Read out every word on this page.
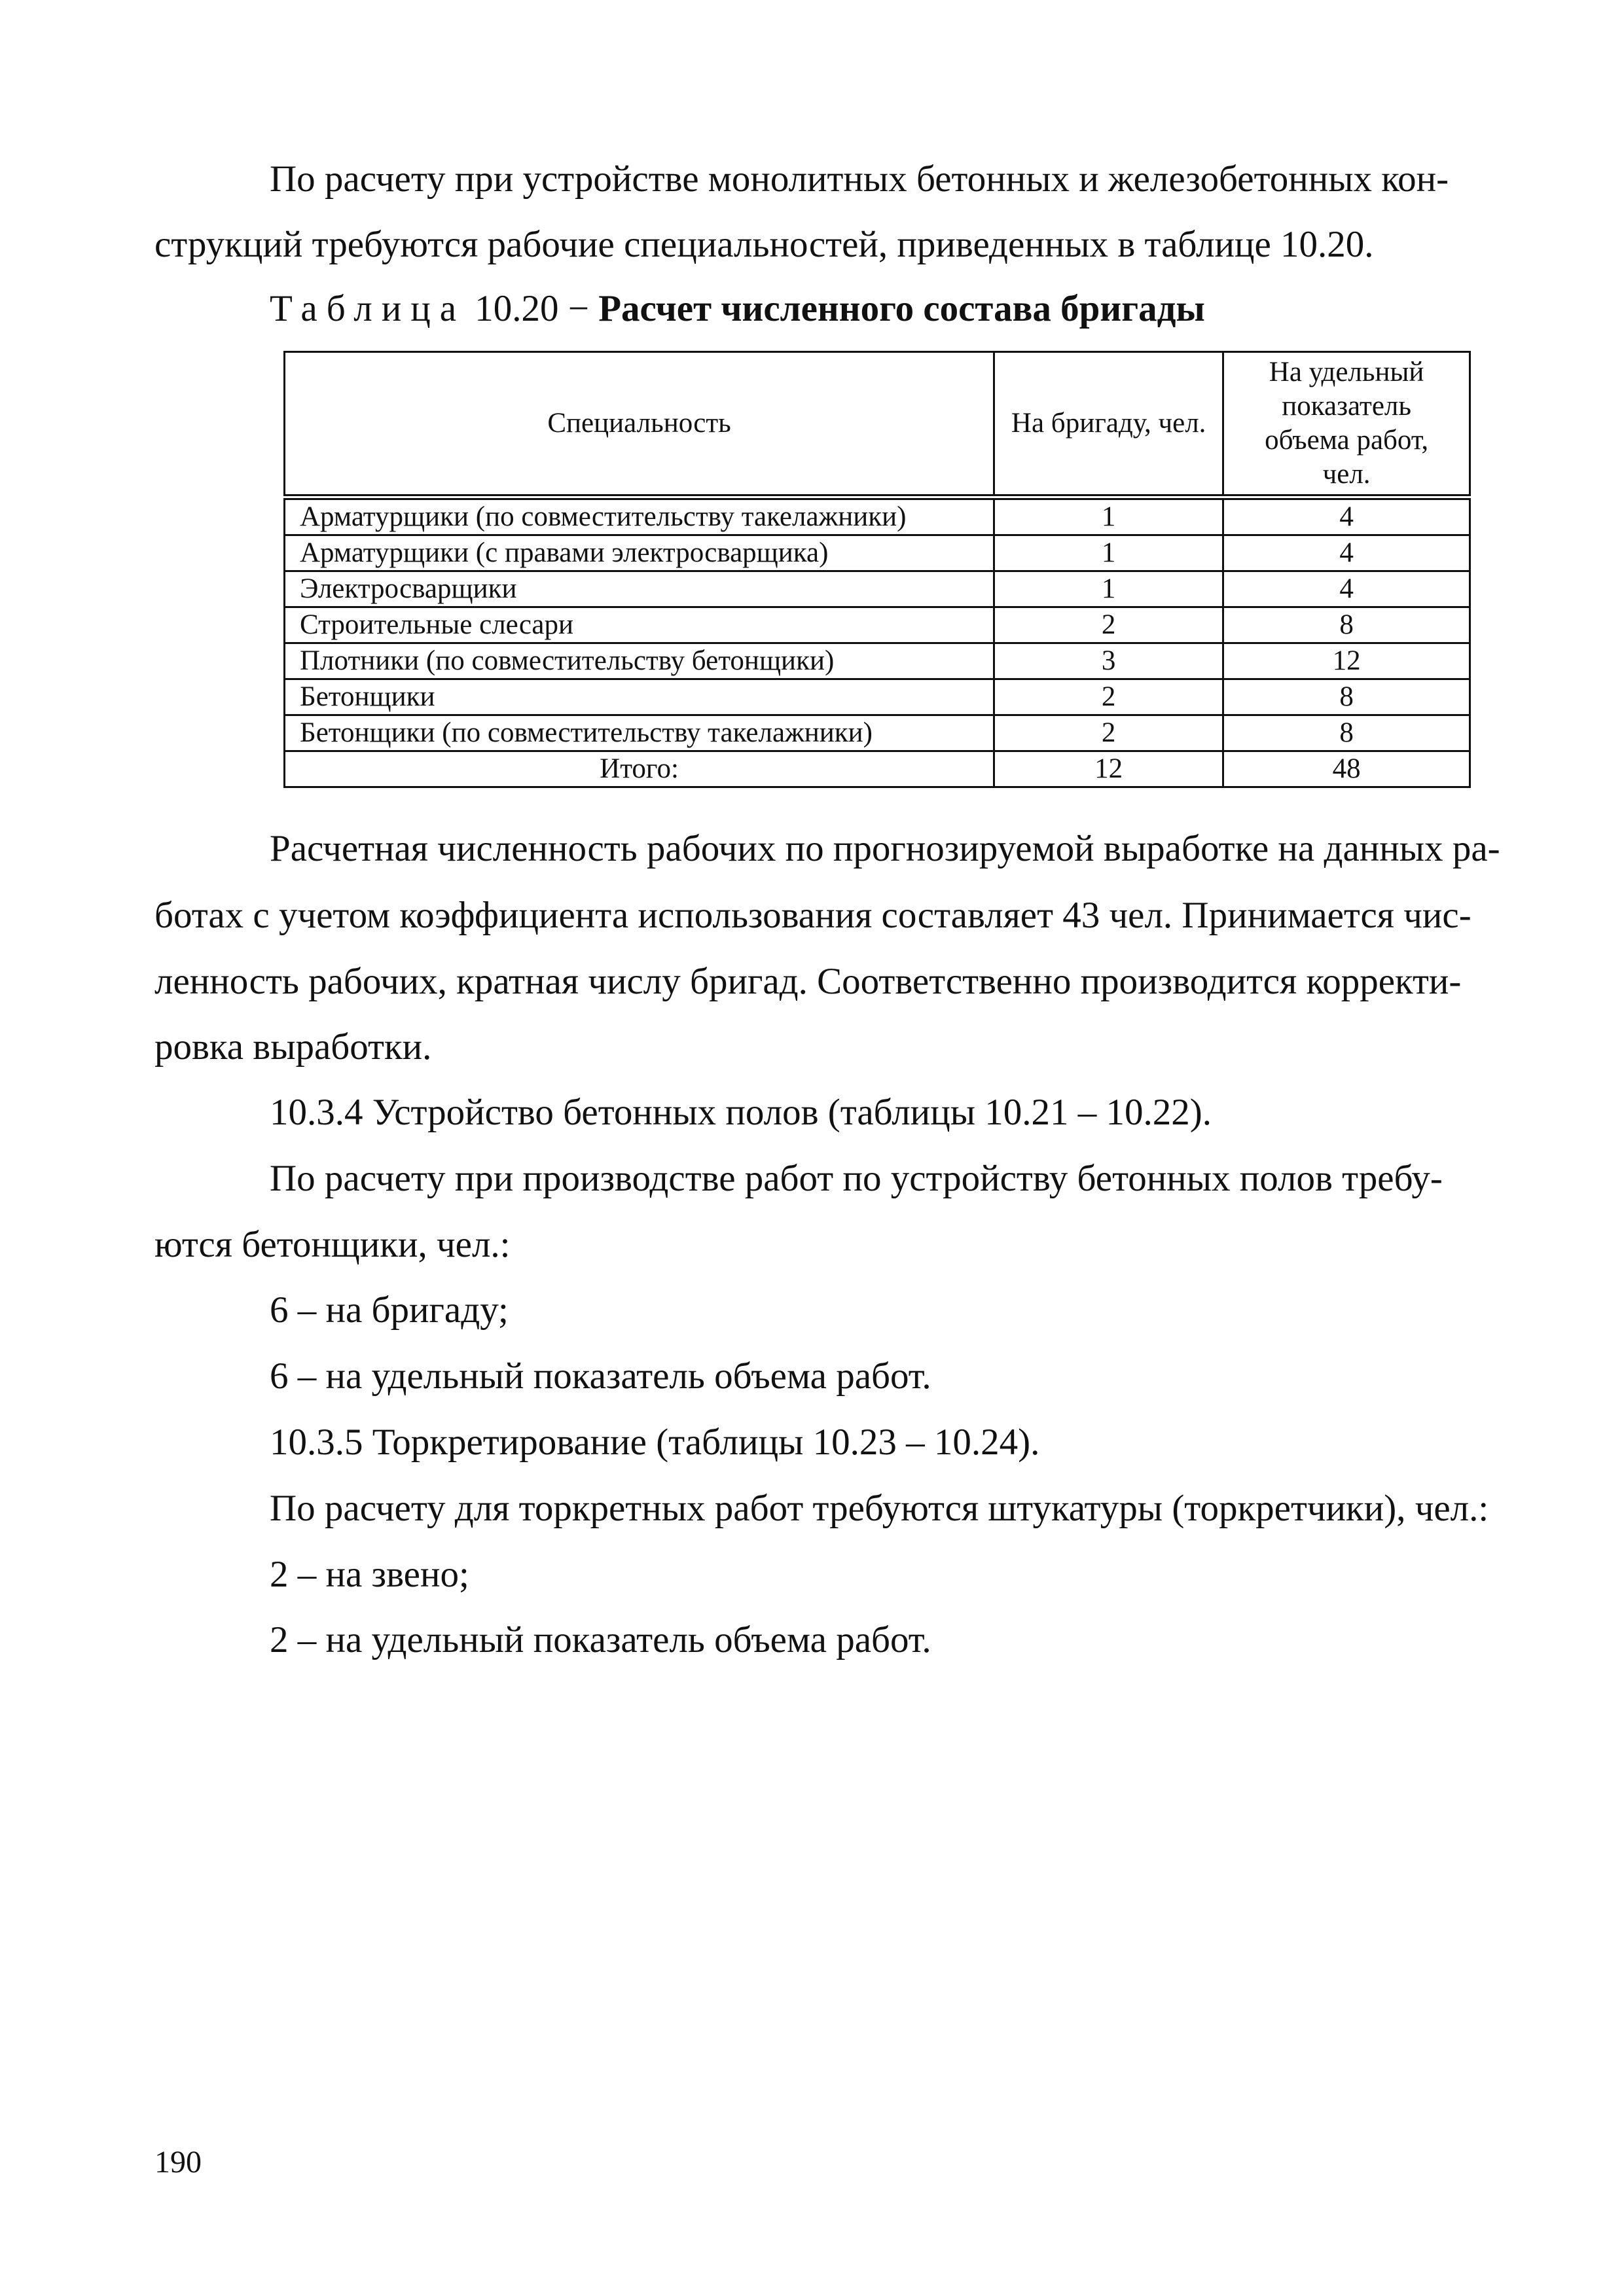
По расчету при устройстве монолитных бетонных и железобетонных кон-
струкций требуются рабочие специальностей, приведенных в таблице 10.20.
Таблица 10.20 − Расчет численного состава бригады
Специальность	На бригаду, чел.	На удельный показатель объема работ, чел.
Арматурщики (по совместительству такелажники)	1	4
Арматурщики (с правами электросварщика)	1	4
Электросварщики	1	4
Строительные слесари	2	8
Плотники (по совместительству бетонщики)	3	12
Бетонщики	2	8
Бетонщики (по совместительству такелажники)	2	8
Итого:	12	48
Расчетная численность рабочих по прогнозируемой выработке на данных ра-
ботах с учетом коэффициента использования составляет 43 чел. Принимается чис-
ленность рабочих, кратная числу бригад. Соответственно производится корректи-
ровка выработки.
10.3.4 Устройство бетонных полов (таблицы 10.21 – 10.22).
По расчету при производстве работ по устройству бетонных полов требу-
ются бетонщики, чел.:
6 – на бригаду;
6 – на удельный показатель объема работ.
10.3.5 Торкретирование (таблицы 10.23 – 10.24).
По расчету для торкретных работ требуются штукатуры (торкретчики), чел.:
2 – на звено;
2 – на удельный показатель объема работ.
190
